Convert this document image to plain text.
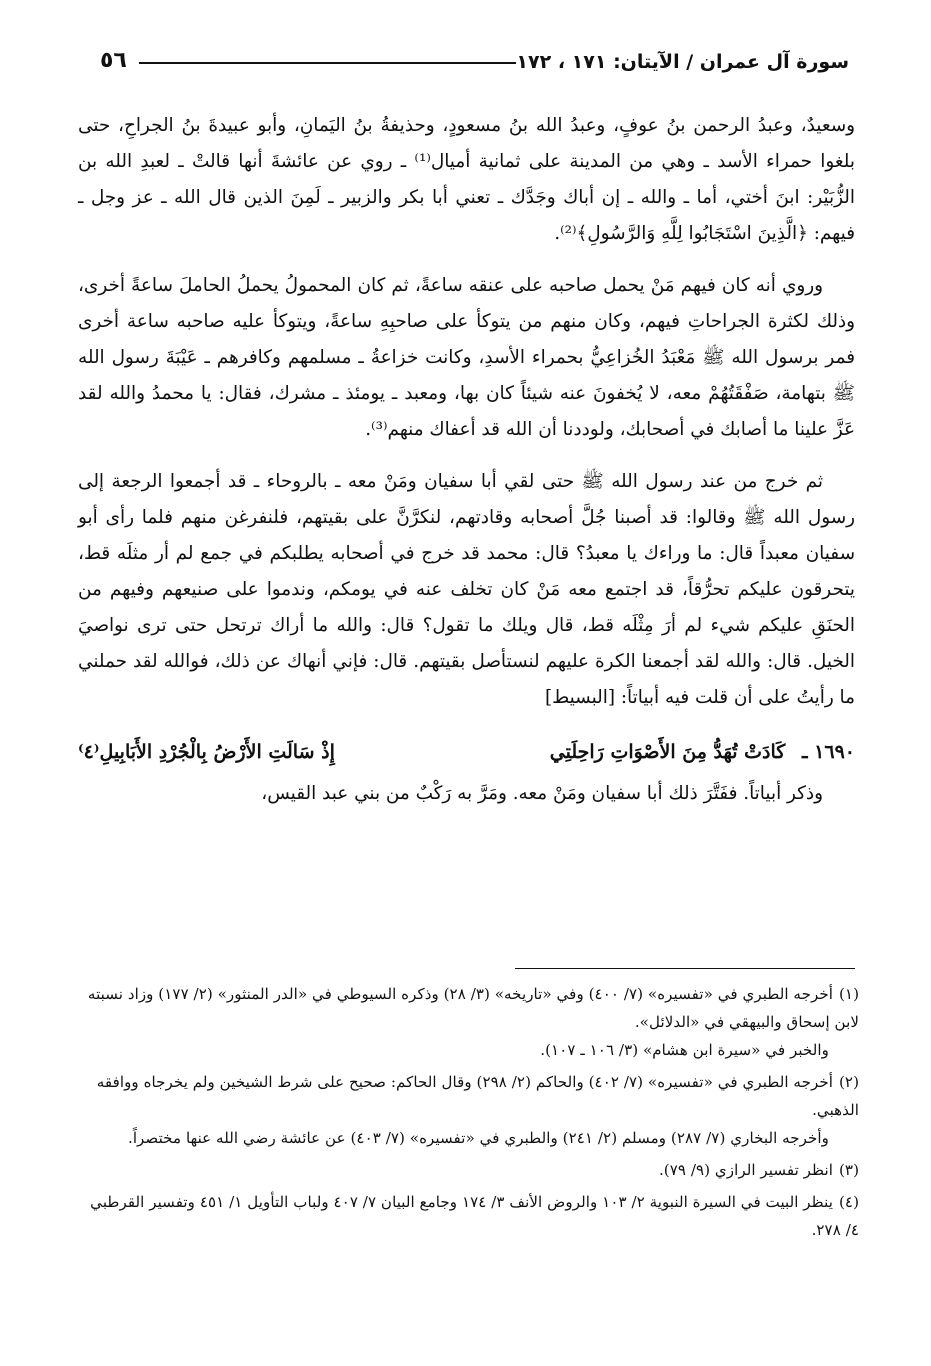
٥٦	سورة آل عمران / الآيتان: ١٧١ ، ١٧٢

وسعيدٌ، وعبدُ الرحمن بنُ عوفٍ، وعبدُ الله بنُ مسعودٍ، وحذيفةُ بنُ اليَمانِ، وأبو عبيدةَ بنُ الجراحِ، حتى بلغوا حمراء الأسد ـ وهي من المدينة على ثمانية أميال⁽¹⁾ ـ روي عن عائشةَ أنها قالتْ ـ لعبدِ الله بن الزُّبَيْر: ابنَ أختي، أما ـ والله ـ إن أباك وجَدَّك ـ تعني أبا بكر والزبير ـ لَمِنَ الذين قال الله ـ عز وجل ـ فيهم: ﴿الَّذِينَ اسْتَجَابُوا لِلَّهِ وَالرَّسُولِ﴾⁽²⁾.

وروي أنه كان فيهم مَنْ يحمل صاحبه على عنقه ساعةً، ثم كان المحمولُ يحملُ الحاملَ ساعةً أخرى، وذلك لكثرة الجراحاتِ فيهم، وكان منهم من يتوكأ على صاحبِهِ ساعةً، ويتوكأ عليه صاحبه ساعة أخرى فمر برسول الله ﷺ مَعْبَدُ الخُزاعِيُّ بحمراء الأسدِ، وكانت خزاعةُ ـ مسلمهم وكافرهم ـ عَيْبَةَ رسول الله ﷺ بتهامة، صَفْقَتُهُمْ معه، لا يُخفونَ عنه شيئاً كان بها، ومعبد ـ يومئذ ـ مشرك، فقال: يا محمدُ والله لقد عَزَّ علينا ما أصابك في أصحابك، ولوددنا أن الله قد أعفاك منهم⁽³⁾.

ثم خرج من عند رسول الله ﷺ حتى لقي أبا سفيان ومَنْ معه ـ بالروحاء ـ قد أجمعوا الرجعة إلى رسول الله ﷺ وقالوا: قد أصبنا جُلَّ أصحابه وقادتهم، لنكرَّنَّ على بقيتهم، فلنفرغن منهم فلما رأى أبو سفيان معبداً قال: ما وراءك يا معبدُ؟ قال: محمد قد خرج في أصحابه يطلبكم في جمع لم أر مثلَه قط، يتحرقون عليكم تحرُّقاً، قد اجتمع معه مَنْ كان تخلف عنه في يومكم، وندموا على صنيعهم وفيهم من الحنَقِ عليكم شيء لم أرَ مِثْلَه قط، قال ويلك ما تقول؟ قال: والله ما أراك ترتحل حتى ترى نواصيَ الخيل. قال: والله لقد أجمعنا الكرة عليهم لنستأصل بقيتهم. قال: فإني أنهاك عن ذلك، فوالله لقد حملني ما رأيتُ على أن قلت فيه أبياتاً: [البسيط]

١٦٩٠ ـ كَادَتْ تُهَدُّ مِنَ الأَصْوَاتِ رَاحِلَتِي
إِذْ سَالَتِ الأَرْضُ بِالْجُرْدِ الأَبَابِيلِ⁽٤⁾

وذكر أبياتاً. ففَتَّرَ ذلك أبا سفيان ومَنْ معه. ومَرَّ به رَكْبٌ من بني عبد القيس،

(١)أخرجه الطبري في «تفسيره» (٧/ ٤٠٠) وفي «تاريخه» (٣/ ٢٨) وذكره السيوطي في «الدر المنثور» (٢/ ١٧٧) وزاد نسبته لابن إسحاق والبيهقي في «الدلائل».
والخبر في «سيرة ابن هشام» (٣/ ١٠٦ ـ ١٠٧).
(٢)أخرجه الطبري في «تفسيره» (٧/ ٤٠٢) والحاكم (٢/ ٢٩٨) وقال الحاكم: صحيح على شرط الشيخين ولم يخرجاه ووافقه الذهبي.
وأخرجه البخاري (٧/ ٢٨٧) ومسلم (٢/ ٢٤١) والطبري في «تفسيره» (٧/ ٤٠٣) عن عائشة رضي الله عنها مختصراً.
(٣)انظر تفسير الرازي (٩/ ٧٩).
(٤)ينظر البيت في السيرة النبوية ٢/ ١٠٣ والروض الأنف ٣/ ١٧٤ وجامع البيان ٧/ ٤٠٧ ولباب التأويل ١/ ٤٥١ وتفسير القرطبي ٤/ ٢٧٨.
